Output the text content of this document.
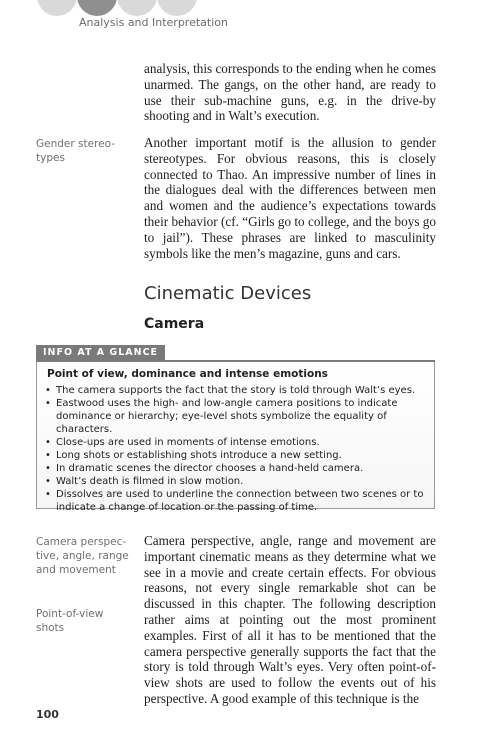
Analysis and Interpretation
analysis, this corresponds to the ending when he comes unarmed. The gangs, on the other hand, are ready to use their sub-machine guns, e.g. in the drive-by shooting and in Walt’s execution.
Gender stereo-
types
Another important motif is the allusion to gender stereotypes. For obvious reasons, this is closely connected to Thao. An impressive number of lines in the dialogues deal with the differences between men and women and the audience’s expectations towards their behavior (cf. “Girls go to college, and the boys go to jail”). These phrases are linked to masculinity symbols like the men’s magazine, guns and cars.
Cinematic Devices
Camera
INFO AT A GLANCE
Point of view, dominance and intense emotions
• The camera supports the fact that the story is told through Walt’s eyes.
• Eastwood uses the high- and low-angle camera positions to indicate dominance or hierarchy; eye-level shots symbolize the equality of characters.
• Close-ups are used in moments of intense emotions.
• Long shots or establishing shots introduce a new setting.
• In dramatic scenes the director chooses a hand-held camera.
• Walt’s death is filmed in slow motion.
• Dissolves are used to underline the connection between two scenes or to indicate a change of location or the passing of time.
Camera perspec-
tive, angle, range
and movement
Point-of-view
shots
Camera perspective, angle, range and movement are important cinematic means as they determine what we see in a movie and create certain effects. For obvious reasons, not every single remarkable shot can be discussed in this chapter. The following description rather aims at pointing out the most prominent examples. First of all it has to be mentioned that the camera perspective generally supports the fact that the story is told through Walt’s eyes. Very often point-of-view shots are used to follow the events out of his perspective. A good example of this technique is the
100
